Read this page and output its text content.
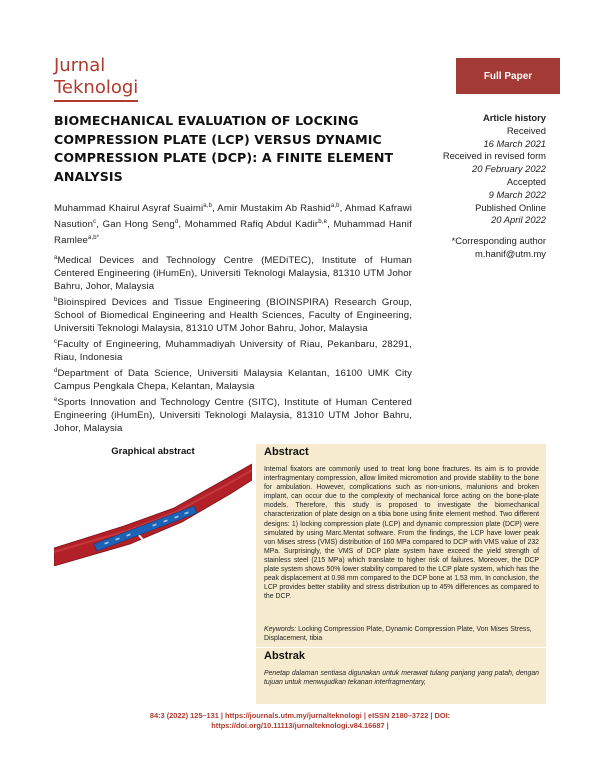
Jurnal
Teknologi
Full Paper
BIOMECHANICAL EVALUATION OF LOCKING COMPRESSION PLATE (LCP) VERSUS DYNAMIC COMPRESSION PLATE (DCP): A FINITE ELEMENT ANALYSIS
Article history
Received
16 March 2021
Received in revised form
20 February 2022
Accepted
9 March 2022
Published Online
20 April 2022
*Corresponding author
m.hanif@utm.my
Muhammad Khairul Asyraf Suaimi$^{a,b}$, Amir Mustakim Ab Rashid$^{a,b}$, Ahmad Kafrawi Nasution$^c$, Gan Hong Seng$^d$, Mohammed Rafiq Abdul Kadir$^{b,e}$, Muhammad Hanif Ramlee$^{a,b*}$
$^a$Medical Devices and Technology Centre (MEDiTEC), Institute of Human Centered Engineering (iHumEn), Universiti Teknologi Malaysia, 81310 UTM Johor Bahru, Johor, Malaysia
$^b$Bioinspired Devices and Tissue Engineering (BIOINSPIRA) Research Group, School of Biomedical Engineering and Health Sciences, Faculty of Engineering, Universiti Teknologi Malaysia, 81310 UTM Johor Bahru, Johor, Malaysia
$^c$Faculty of Engineering, Muhammadiyah University of Riau, Pekanbaru, 28291, Riau, Indonesia
$^d$Department of Data Science, Universiti Malaysia Kelantan, 16100 UMK City Campus Pengkala Chepa, Kelantan, Malaysia
$^e$Sports Innovation and Technology Centre (SITC), Institute of Human Centered Engineering (iHumEn), Universiti Teknologi Malaysia, 81310 UTM Johor Bahru, Johor, Malaysia
Graphical abstract	Abstract
Internal fixators are commonly used to treat long bone fractures. Its aim is to provide interfragmentary compression, allow limited micromotion and provide stability to the bone for ambulation. However, complications such as non-unions, malunions and broken implant, can occur due to the complexity of mechanical force acting on the bone-plate models. Therefore, this study is proposed to investigate the biomechanical characterization of plate design on a tibia bone using finite element method. Two different designs: 1) locking compression plate (LCP) and dynamic compression plate (DCP) were simulated by using Marc.Mentat software. From the findings, the LCP have lower peak von Mises stress (VMS) distribution of 160 MPa compared to DCP with VMS value of 232 MPa. Surprisingly, the VMS of DCP plate system have exceed the yield strength of stainless steel (215 MPa) which translate to higher risk of failures. Moreover, the DCP plate system shows 50% lower stability compared to the LCP plate system, which has the peak displacement at 0.98 mm compared to the DCP bone at 1.53 mm. In conclusion, the LCP provides better stability and stress distribution up to 45% differences as compared to the DCP.
Keywords: Locking Compression Plate, Dynamic Compression Plate, Von Mises Stress, Displacement, tibia
Abstrak
Penetap dalaman sentiasa digunakan untuk merawat tulang panjang yang patah, dengan tujuan untuk menwujudkan tekanan interfragmentary,
84:3 (2022) 125–131 | https://journals.utm.my/jurnalteknologi | eISSN 2180–3722 | DOI:
https://doi.org/10.11113/jurnalteknologi.v84.16687 |
